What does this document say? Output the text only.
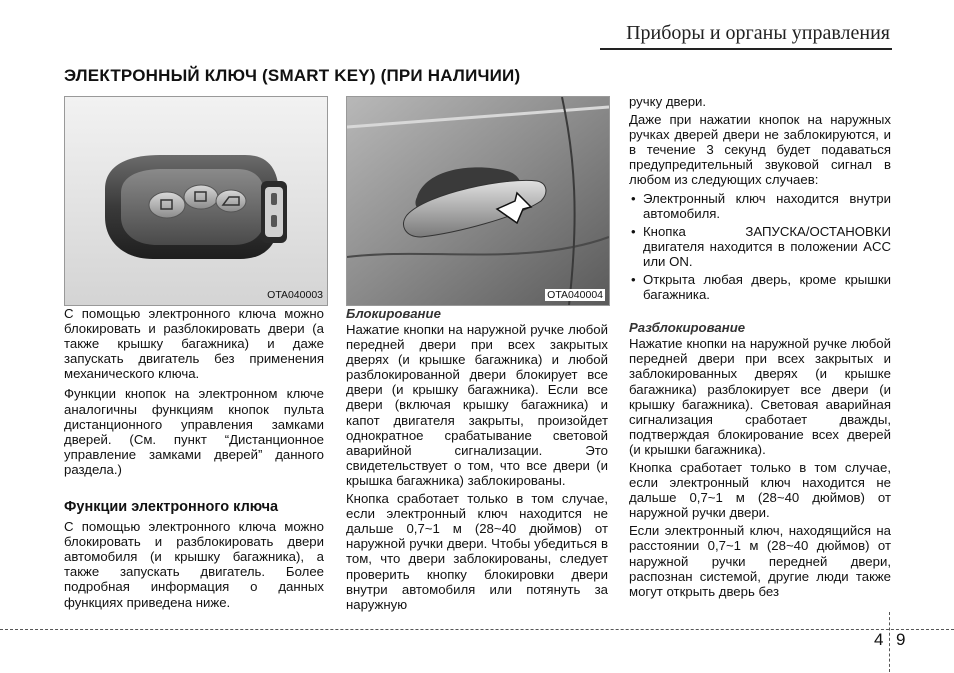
Приборы и органы управления
ЭЛЕКТРОННЫЙ КЛЮЧ (SMART KEY) (ПРИ НАЛИЧИИ)
OTA040003	OTA040004

С помощью электронного ключа можно блокировать и разблокировать двери (а также крышку багажника) и даже запускать двигатель без применения механического ключа.

Функции кнопок на электронном ключе аналогичны функциям кнопок пульта дистанционного управления замками дверей. (См. пункт “Дистанционное управление замками дверей” данного раздела.)

Функции электронного ключа

С помощью электронного ключа можно блокировать и разблокировать двери автомобиля (и крышку багажника), а также запускать двигатель. Более подробная информация о данных функциях приведена ниже.

Блокирование

Нажатие кнопки на наружной ручке любой передней двери при всех закрытых дверях (и крышке багажника) и любой разблокированной двери блокирует все двери (и крышку багажника). Если все двери (включая крышку багажника) и капот двигателя закрыты, произойдет однократное срабатывание световой аварийной сигнализации. Это свидетельствует о том, что все двери (и крышка багажника) заблокированы.

Кнопка сработает только в том случае, если электронный ключ находится не дальше 0,7~1 м (28~40 дюймов) от наружной ручки двери. Чтобы убедиться в том, что двери заблокированы, следует проверить кнопку блокировки двери внутри автомобиля или потянуть за наружную

ручку двери.

Даже при нажатии кнопок на наружных ручках дверей двери не заблокируются, и в течение 3 секунд будет подаваться предупредительный звуковой сигнал в любом из следующих случаев:

• Электронный ключ находится внутри автомобиля.
• Кнопка ЗАПУСКА/ОСТАНОВКИ двигателя находится в положении ACC или ON.
• Открыта любая дверь, кроме крышки багажника.
Разблокирование

Нажатие кнопки на наружной ручке любой передней двери при всех закрытых и заблокированных дверях (и крышке багажника) разблокирует все двери (и крышку багажника). Световая аварийная сигнализация сработает дважды, подтверждая блокирование всех дверей (и крышки багажника).

Кнопка сработает только в том случае, если электронный ключ находится не дальше 0,7~1 м (28~40 дюймов) от наружной ручки двери.

Если электронный ключ, находящийся на расстоянии 0,7~1 м (28~40 дюймов) от наружной ручки передней двери, распознан системой, другие люди также могут открыть дверь без

4 9
